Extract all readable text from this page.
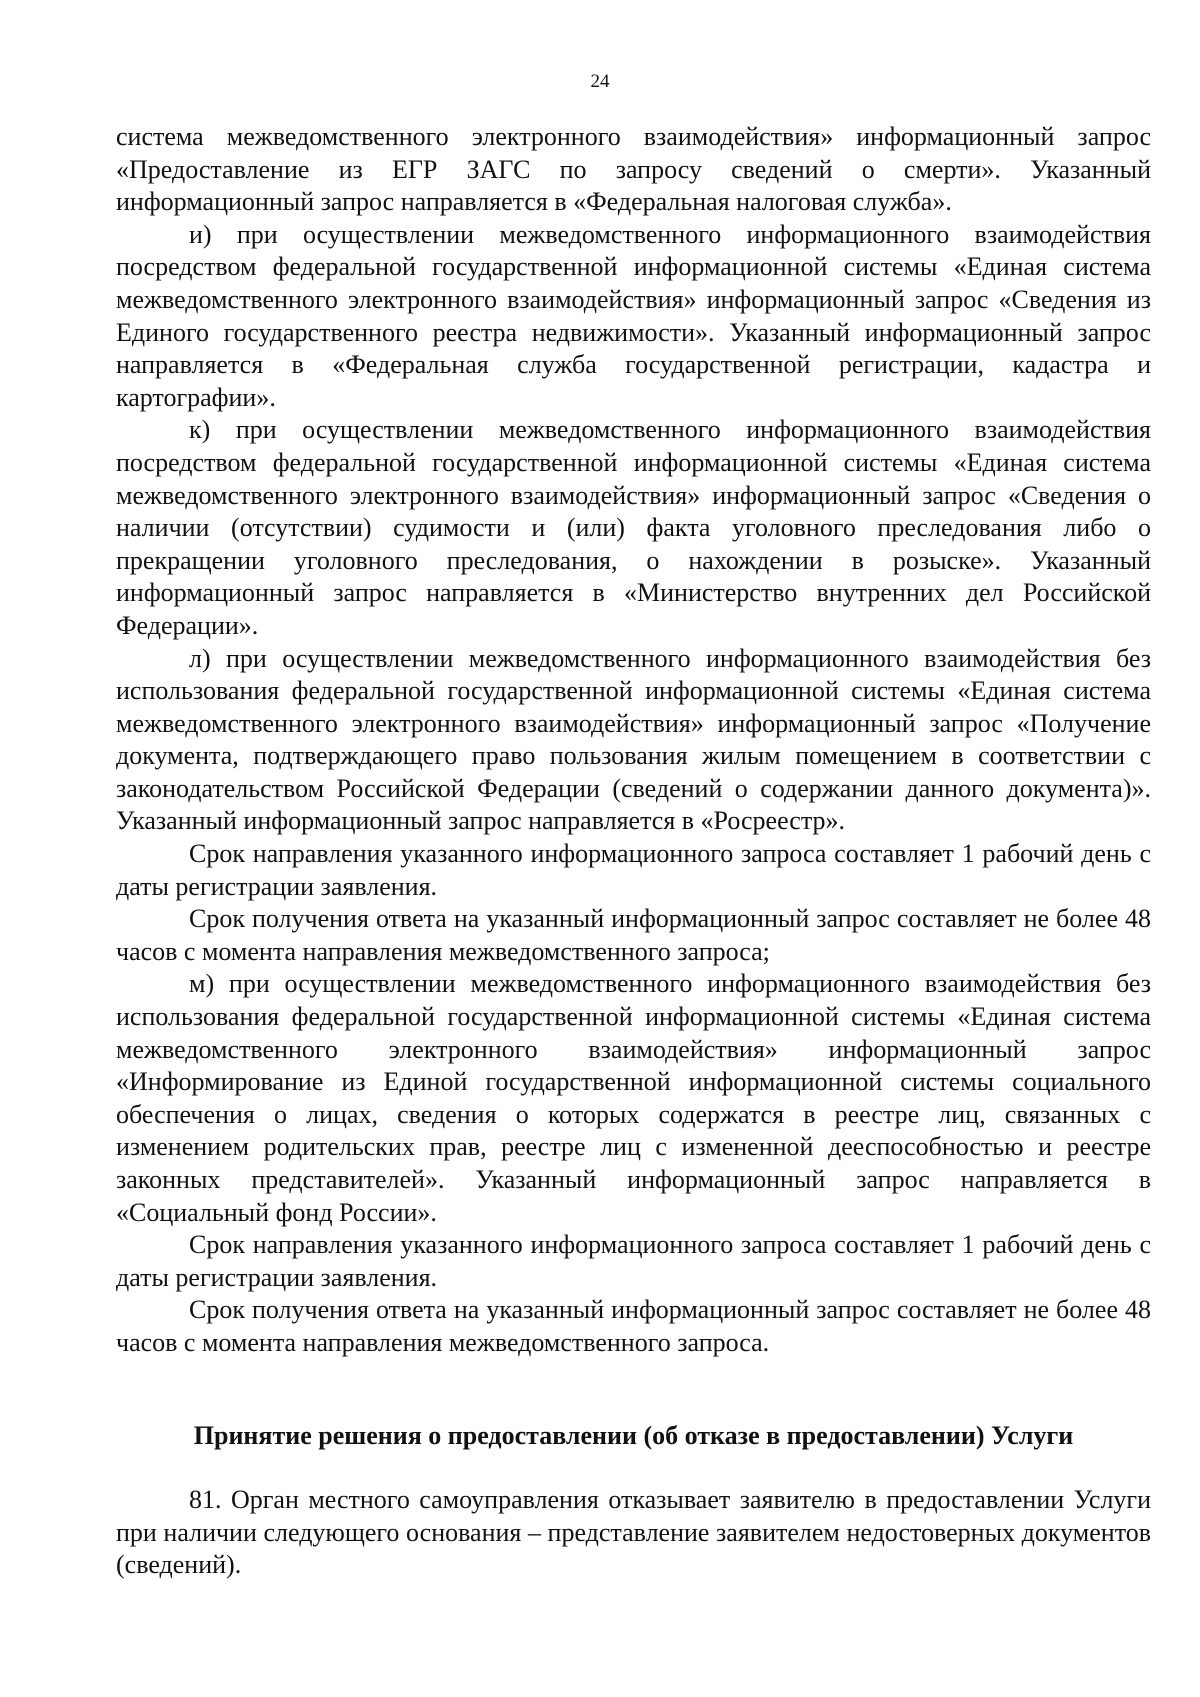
24

система межведомственного электронного взаимодействия» информационный запрос «Предоставление из ЕГР ЗАГС по запросу сведений о смерти». Указанный информационный запрос направляется в «Федеральная налоговая служба».

и) при осуществлении межведомственного информационного взаимодействия посредством федеральной государственной информационной системы «Единая система межведомственного электронного взаимодействия» информационный запрос «Сведения из Единого государственного реестра недвижимости». Указанный информационный запрос направляется в «Федеральная служба государственной регистрации, кадастра и картографии».

к) при осуществлении межведомственного информационного взаимодействия посредством федеральной государственной информационной системы «Единая система межведомственного электронного взаимодействия» информационный запрос «Сведения о наличии (отсутствии) судимости и (или) факта уголовного преследования либо о прекращении уголовного преследования, о нахождении в розыске». Указанный информационный запрос направляется в «Министерство внутренних дел Российской Федерации».

л) при осуществлении межведомственного информационного взаимодействия без использования федеральной государственной информационной системы «Единая система межведомственного электронного взаимодействия» информационный запрос «Получение документа, подтверждающего право пользования жилым помещением в соответствии с законодательством Российской Федерации (сведений о содержании данного документа)». Указанный информационный запрос направляется в «Росреестр».

Срок направления указанного информационного запроса составляет 1 рабочий день с даты регистрации заявления.

Срок получения ответа на указанный информационный запрос составляет не более 48 часов с момента направления межведомственного запроса;

м) при осуществлении межведомственного информационного взаимодействия без использования федеральной государственной информационной системы «Единая система межведомственного электронного взаимодействия» информационный запрос «Информирование из Единой государственной информационной системы социального обеспечения о лицах, сведения о которых содержатся в реестре лиц, связанных с изменением родительских прав, реестре лиц с измененной дееспособностью и реестре законных представителей». Указанный информационный запрос направляется в «Социальный фонд России».

Срок направления указанного информационного запроса составляет 1 рабочий день с даты регистрации заявления.

Срок получения ответа на указанный информационный запрос составляет не более 48 часов с момента направления межведомственного запроса.

Принятие решения о предоставлении (об отказе в предоставлении) Услуги

81. Орган местного самоуправления отказывает заявителю в предоставлении Услуги при наличии следующего основания – представление заявителем недостоверных документов (сведений).
